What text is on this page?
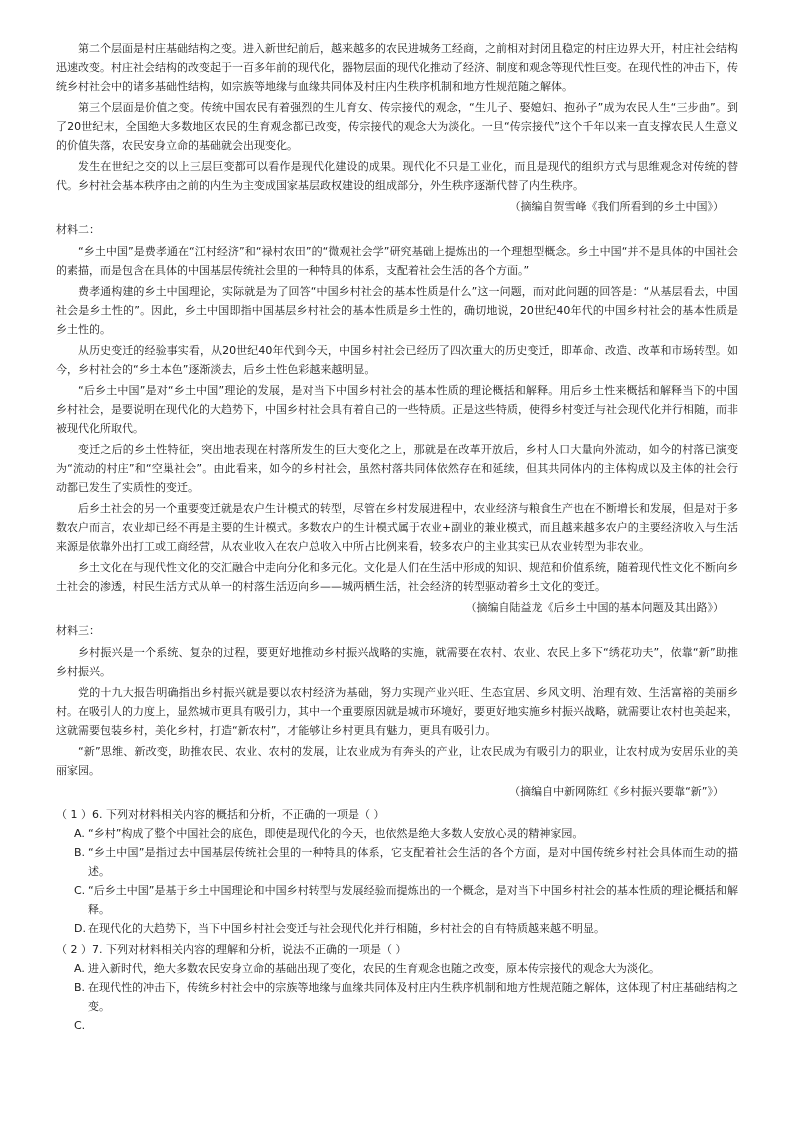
第二个层面是村庄基础结构之变。进入新世纪前后，越来越多的农民进城务工经商，之前相对封闭且稳定的村庄边界大开，村庄社会结构迅速改变。村庄社会结构的改变起于一百多年前的现代化，器物层面的现代化推动了经济、制度和观念等现代性巨变。在现代性的冲击下，传统乡村社会中的诸多基础性结构，如宗族等地缘与血缘共同体及村庄内生秩序机制和地方性规范随之解体。

第三个层面是价值之变。传统中国农民有着强烈的生儿育女、传宗接代的观念，“生儿子、娶媳妇、抱孙子”成为农民人生“三步曲”。到了20世纪末，全国绝大多数地区农民的生育观念都已改变，传宗接代的观念大为淡化。一旦“传宗接代”这个千年以来一直支撑农民人生意义的价值失落，农民安身立命的基础就会出现变化。

发生在世纪之交的以上三层巨变都可以看作是现代化建设的成果。现代化不只是工业化，而且是现代的组织方式与思维观念对传统的替代。乡村社会基本秩序由之前的内生为主变成国家基层政权建设的组成部分，外生秩序逐渐代替了内生秩序。

（摘编自贺雪峰《我们所看到的乡土中国》）

材料二：

“乡土中国”是费孝通在“江村经济”和“禄村农田”的“微观社会学”研究基础上提炼出的一个理想型概念。乡土中国“并不是具体的中国社会的素描，而是包含在具体的中国基层传统社会里的一种特具的体系，支配着社会生活的各个方面。”

费孝通构建的乡土中国理论，实际就是为了回答“中国乡村社会的基本性质是什么”这一问题，而对此问题的回答是：“从基层看去，中国社会是乡土性的”。因此，乡土中国即指中国基层乡村社会的基本性质是乡土性的，确切地说，20世纪40年代的中国乡村社会的基本性质是乡土性的。

从历史变迁的经验事实看，从20世纪40年代到今天，中国乡村社会已经历了四次重大的历史变迁，即革命、改造、改革和市场转型。如今，乡村社会的“乡土本色”逐渐淡去，后乡土性色彩越来越明显。

“后乡土中国”是对“乡土中国”理论的发展，是对当下中国乡村社会的基本性质的理论概括和解释。用后乡土性来概括和解释当下的中国乡村社会，是要说明在现代化的大趋势下，中国乡村社会具有着自己的一些特质。正是这些特质，使得乡村变迁与社会现代化并行相随，而非被现代化所取代。

变迁之后的乡土性特征，突出地表现在村落所发生的巨大变化之上，那就是在改革开放后，乡村人口大量向外流动，如今的村落已演变为“流动的村庄”和“空巢社会”。由此看来，如今的乡村社会，虽然村落共同体依然存在和延续，但其共同体内的主体构成以及主体的社会行动都已发生了实质性的变迁。

后乡土社会的另一个重要变迁就是农户生计模式的转型，尽管在乡村发展进程中，农业经济与粮食生产也在不断增长和发展，但是对于多数农户而言，农业却已经不再是主要的生计模式。多数农户的生计模式属于农业+副业的兼业模式，而且越来越多农户的主要经济收入与生活来源是依靠外出打工或工商经营，从农业收入在农户总收入中所占比例来看，较多农户的主业其实已从农业转型为非农业。

乡土文化在与现代性文化的交汇融合中走向分化和多元化。文化是人们在生活中形成的知识、规范和价值系统，随着现代性文化不断向乡土社会的渗透，村民生活方式从单一的村落生活迈向乡——城两栖生活，社会经济的转型驱动着乡土文化的变迁。

（摘编自陆益龙《后乡土中国的基本问题及其出路》）

材料三：

乡村振兴是一个系统、复杂的过程，要更好地推动乡村振兴战略的实施，就需要在农村、农业、农民上多下“绣花功夫”，依靠“新”助推乡村振兴。

党的十九大报告明确指出乡村振兴就是要以农村经济为基础，努力实现产业兴旺、生态宜居、乡风文明、治理有效、生活富裕的美丽乡村。在吸引人的力度上，显然城市更具有吸引力，其中一个重要原因就是城市环境好，要更好地实施乡村振兴战略，就需要让农村也美起来，这就需要包装乡村，美化乡村，打造“新农村”，才能够让乡村更具有魅力，更具有吸引力。

“新”思维、新改变，助推农民、农业、农村的发展，让农业成为有奔头的产业，让农民成为有吸引力的职业，让农村成为安居乐业的美丽家园。

（摘编自中新网陈红《乡村振兴要靠“新”》）

（ 1 ）6. 下列对材料相关内容的概括和分析，不正确的一项是（ ）

A. “乡村”构成了整个中国社会的底色，即使是现代化的今天，也依然是绝大多数人安放心灵的精神家园。

B. “乡土中国”是指过去中国基层传统社会里的一种特具的体系，它支配着社会生活的各个方面，是对中国传统乡村社会具体而生动的描述。

C. “后乡土中国”是基于乡土中国理论和中国乡村转型与发展经验而提炼出的一个概念，是对当下中国乡村社会的基本性质的理论概括和解释。

D. 在现代化的大趋势下，当下中国乡村社会变迁与社会现代化并行相随，乡村社会的自有特质越来越不明显。

（ 2 ）7. 下列对材料相关内容的理解和分析，说法不正确的一项是（ ）

A. 进入新时代，绝大多数农民安身立命的基础出现了变化，农民的生育观念也随之改变，原本传宗接代的观念大为淡化。

B. 在现代性的冲击下，传统乡村社会中的宗族等地缘与血缘共同体及村庄内生秩序机制和地方性规范随之解体，这体现了村庄基础结构之变。

C.
